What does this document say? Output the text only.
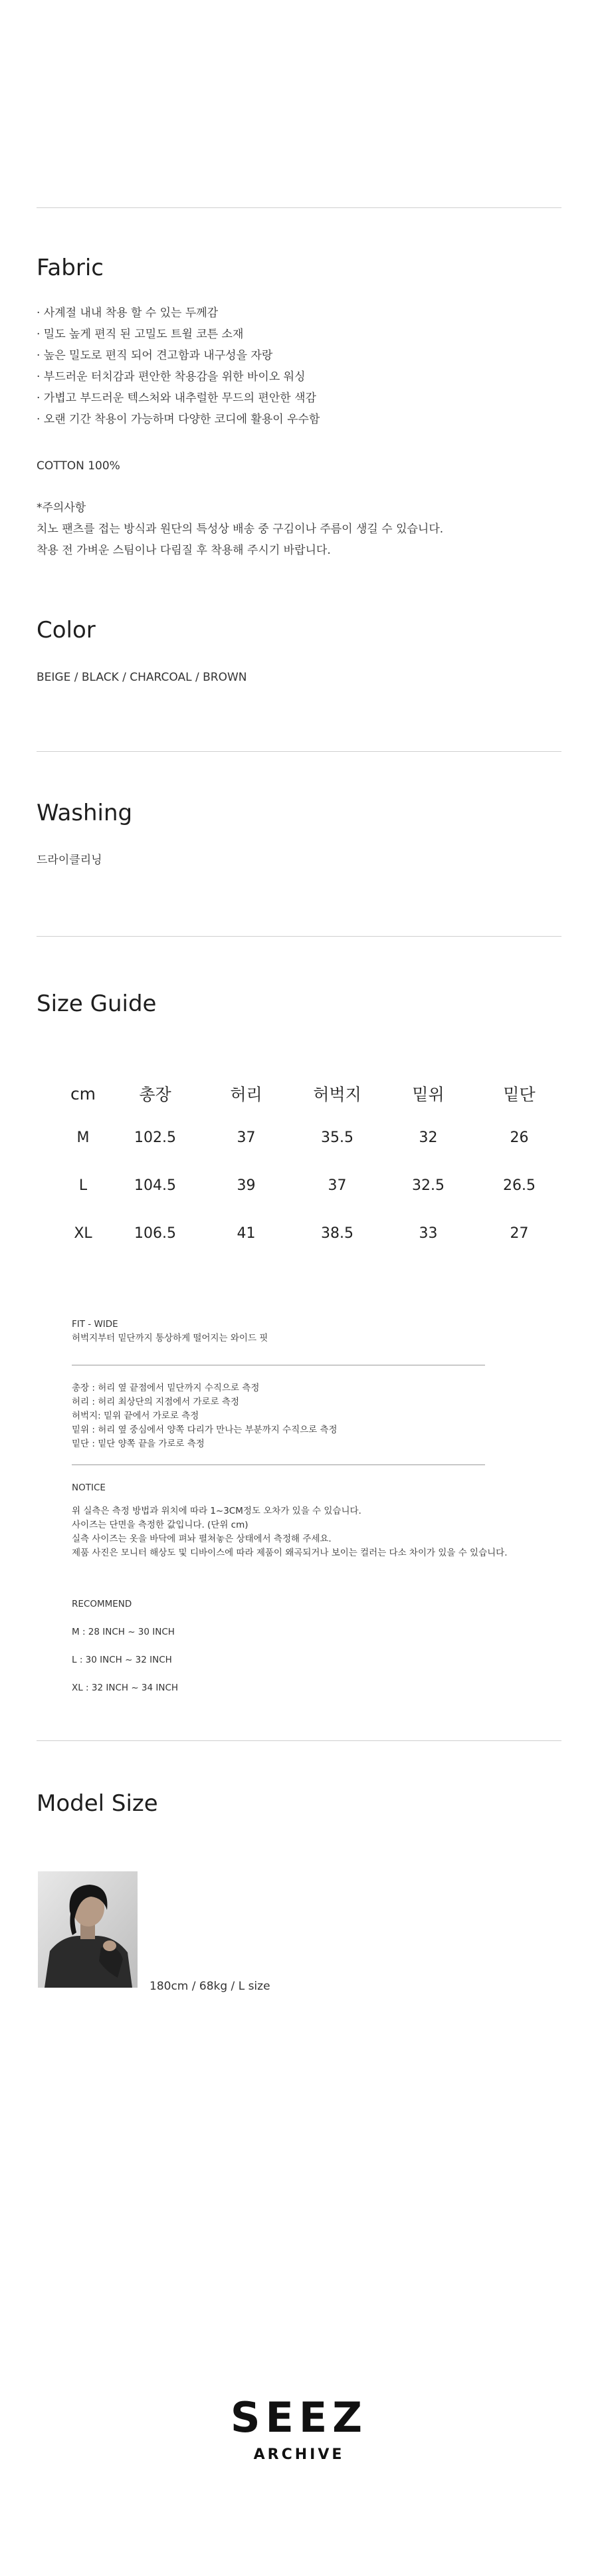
Fabric
· 사계절 내내 착용 할 수 있는 두께감
· 밀도 높게 편직 된 고밀도 트윌 코튼 소재
· 높은 밀도로 편직 되어 견고함과 내구성을 자랑
· 부드러운 터치감과 편안한 착용감을 위한 바이오 워싱
· 가볍고 부드러운 텍스처와 내추럴한 무드의 편안한 색감
· 오랜 기간 착용이 가능하며 다양한 코디에 활용이 우수함
COTTON 100%
*주의사항
치노 팬츠를 접는 방식과 원단의 특성상 배송 중 구김이나 주름이 생길 수 있습니다.
착용 전 가벼운 스팀이나 다림질 후 착용해 주시기 바랍니다.
Color
BEIGE / BLACK / CHARCOAL / BROWN
Washing
드라이클리닝
Size Guide
cm	총장	허리	허벅지	밑위	밑단
M	102.5	37	35.5	32	26
L	104.5	39	37	32.5	26.5
XL	106.5	41	38.5	33	27
FIT - WIDE
허벅지부터 밑단까지 통상하게 떨어지는 와이드 핏
총장 : 허리 옆 끝점에서 밑단까지 수직으로 측정
허리 : 허리 최상단의 지점에서 가로로 측정
허벅지: 밑위 끝에서 가로로 측정
밑위 : 허리 옆 중심에서 양쪽 다리가 만나는 부분까지 수직으로 측정
밑단 : 밑단 양쪽 끝을 가로로 측정
NOTICE
위 실측은 측정 방법과 위치에 따라 1~3CM정도 오차가 있을 수 있습니다.
사이즈는 단면을 측정한 값입니다. (단위 cm)
실측 사이즈는 옷을 바닥에 펴놔 펼쳐놓은 상태에서 측정해 주세요.
제품 사진은 모니터 해상도 및 디바이스에 따라 제품이 왜곡되거나 보이는 컬러는 다소 차이가 있을 수 있습니다.
RECOMMEND
M : 28 INCH ~ 30 INCH
L : 30 INCH ~ 32 INCH
XL : 32 INCH ~ 34 INCH
Model Size
180cm / 68kg / L size
SEEZ
ARCHIVE
